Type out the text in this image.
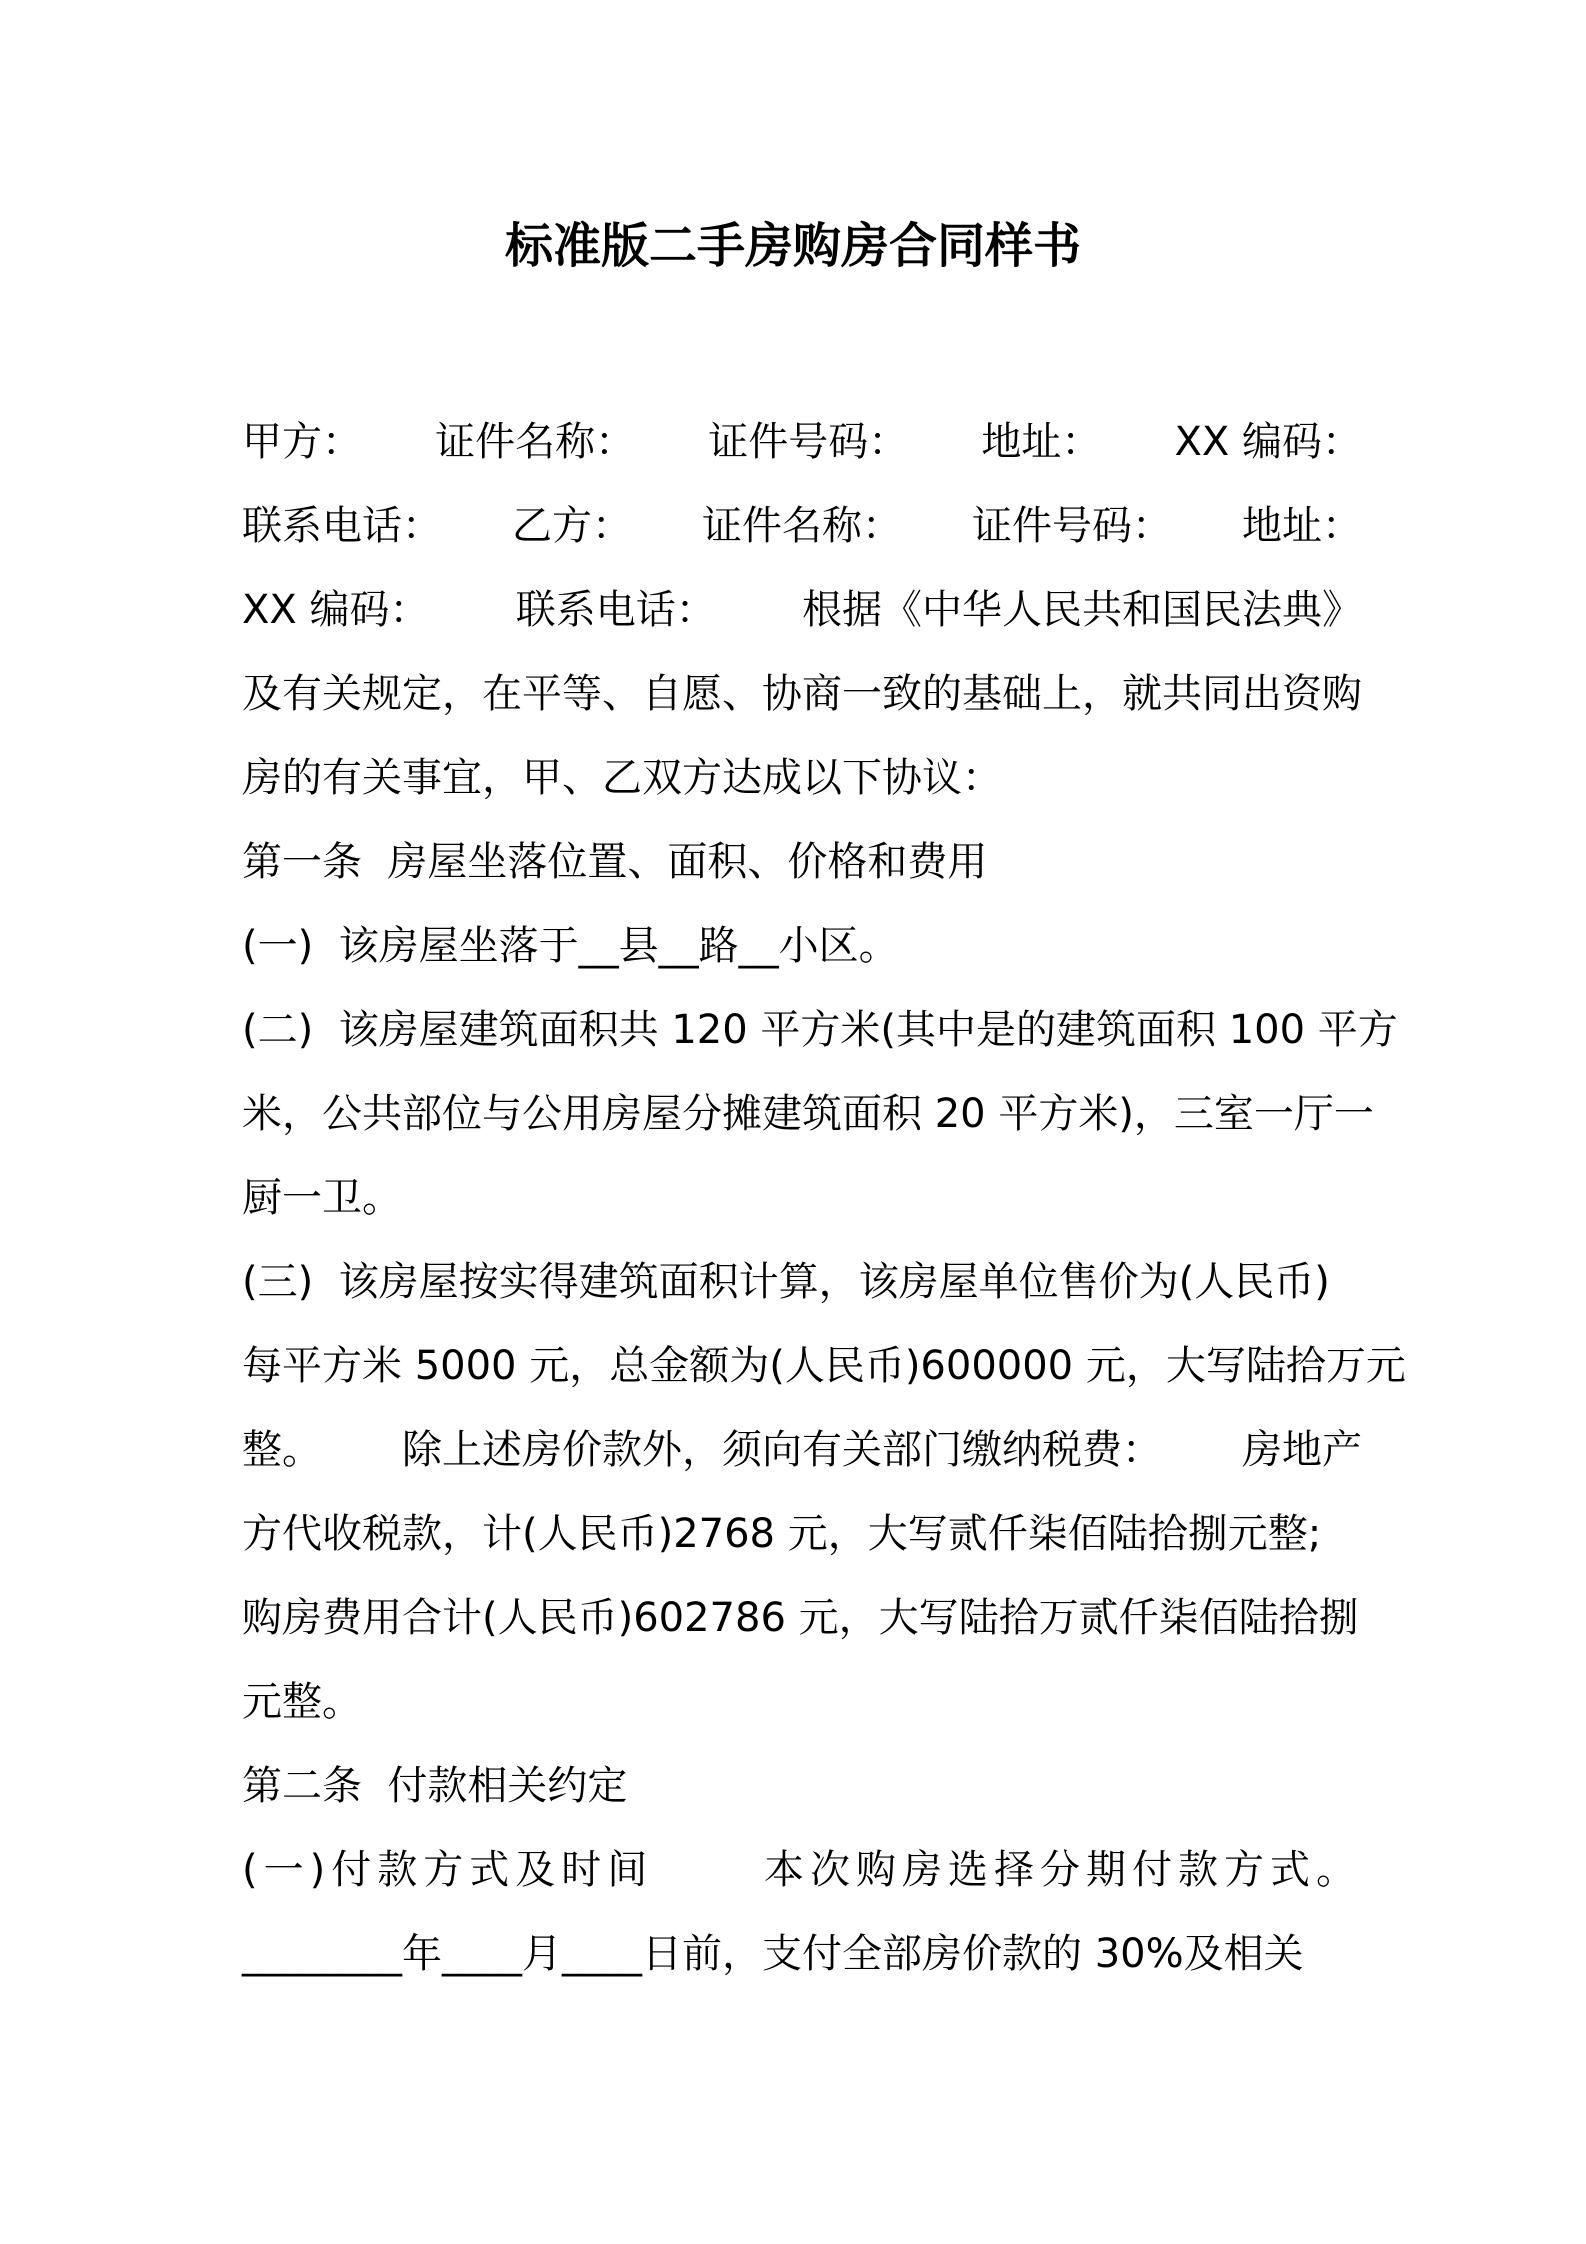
标准版二手房购房合同样书
甲方： 证件名称： 证件号码： 地址： XX 编码：
联系电话： 乙方： 证件名称： 证件号码： 地址：
XX 编码： 联系电话： 根据《中华人民共和国民法典》
及有关规定，在平等、自愿、协商一致的基础上，就共同出资购
房的有关事宜，甲、乙双方达成以下协议：
第一条  房屋坐落位置、面积、价格和费用
(一)  该房屋坐落于__县__路__小区。
(二)  该房屋建筑面积共 120 平方米(其中是的建筑面积 100 平方
米，公共部位与公用房屋分摊建筑面积 20 平方米)，三室一厅一
厨一卫。
(三)  该房屋按实得建筑面积计算，该房屋单位售价为(人民币)
每平方米 5000 元，总金额为(人民币)600000 元，大写陆拾万元
整。 除上述房价款外，须向有关部门缴纳税费： 房地产
方代收税款，计(人民币)2768 元，大写贰仟柒佰陆拾捌元整;
购房费用合计(人民币)602786 元，大写陆拾万贰仟柒佰陆拾捌
元整。
第二条  付款相关约定
(一)付款方式及时间	本次购房选择分期付款方式。
________年____月____日前，支付全部房价款的 30%及相关
